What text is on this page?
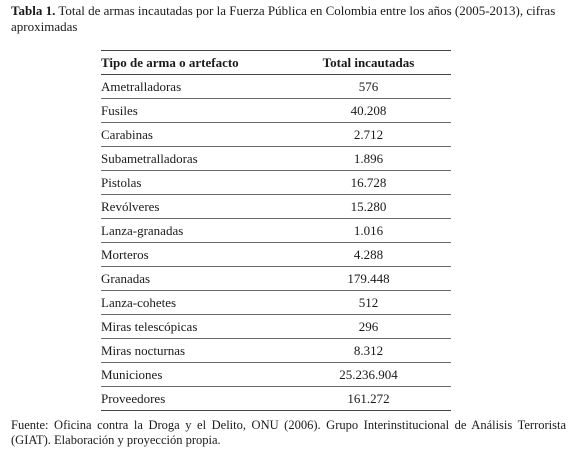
Tabla 1. Total de armas incautadas por la Fuerza Pública en Colombia entre los años (2005-2013), cifras aproximadas
Tipo de arma o artefacto	Total incautadas
Ametralladoras	576
Fusiles	40.208
Carabinas	2.712
Subametralladoras	1.896
Pistolas	16.728
Revólveres	15.280
Lanza-granadas	1.016
Morteros	4.288
Granadas	179.448
Lanza-cohetes	512
Miras telescópicas	296
Miras nocturnas	8.312
Municiones	25.236.904
Proveedores	161.272
Fuente: Oficina contra la Droga y el Delito, ONU (2006). Grupo Interinstitucional de Análisis Terrorista (GIAT). Elaboración y proyección propia.
